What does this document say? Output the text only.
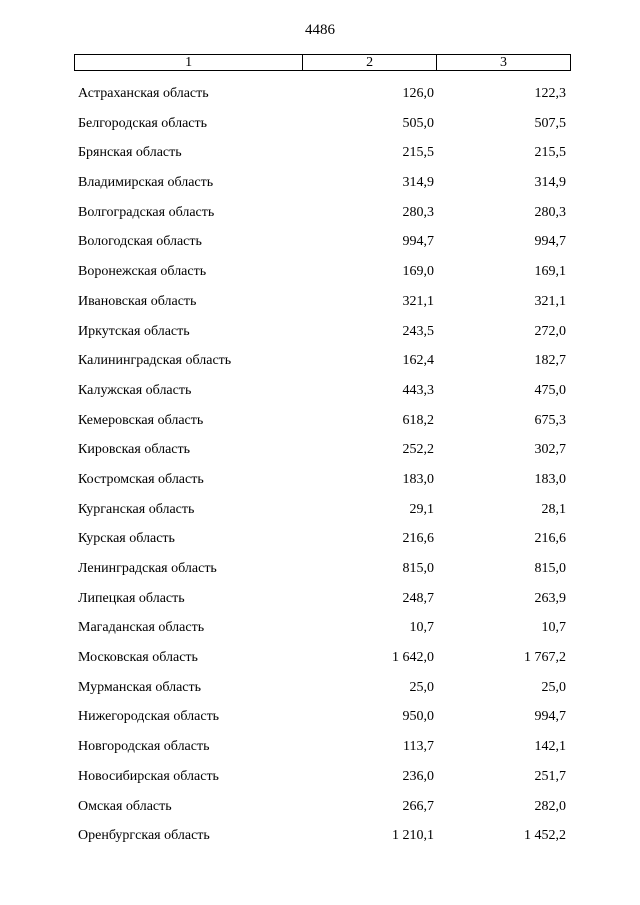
4486
1	2	3
Астраханская область	126,0	122,3
Белгородская область	505,0	507,5
Брянская область	215,5	215,5
Владимирская область	314,9	314,9
Волгоградская область	280,3	280,3
Вологодская область	994,7	994,7
Воронежская область	169,0	169,1
Ивановская область	321,1	321,1
Иркутская область	243,5	272,0
Калининградская область	162,4	182,7
Калужская область	443,3	475,0
Кемеровская область	618,2	675,3
Кировская область	252,2	302,7
Костромская область	183,0	183,0
Курганская область	29,1	28,1
Курская область	216,6	216,6
Ленинградская область	815,0	815,0
Липецкая область	248,7	263,9
Магаданская область	10,7	10,7
Московская область	1 642,0	1 767,2
Мурманская область	25,0	25,0
Нижегородская область	950,0	994,7
Новгородская область	113,7	142,1
Новосибирская область	236,0	251,7
Омская область	266,7	282,0
Оренбургская область	1 210,1	1 452,2
